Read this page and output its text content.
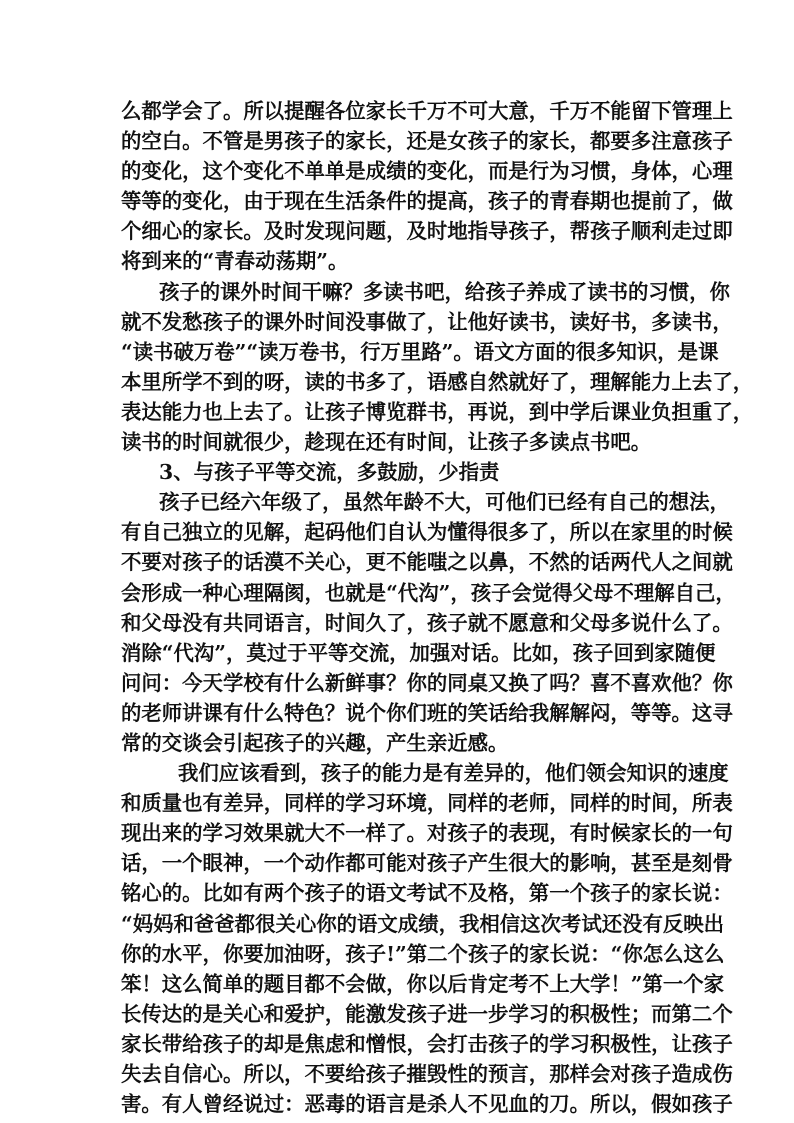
么都学会了。所以提醒各位家长千万不可大意，千万不能留下管理上
的空白。不管是男孩子的家长，还是女孩子的家长，都要多注意孩子
的变化，这个变化不单单是成绩的变化，而是行为习惯，身体，心理
等等的变化，由于现在生活条件的提高，孩子的青春期也提前了，做
个细心的家长。及时发现问题，及时地指导孩子，帮孩子顺利走过即
将到来的“青春动荡期”。
孩子的课外时间干嘛？多读书吧，给孩子养成了读书的习惯，你
就不发愁孩子的课外时间没事做了，让他好读书，读好书，多读书，
“读书破万卷”“读万卷书，行万里路”。语文方面的很多知识，是课
本里所学不到的呀，读的书多了，语感自然就好了，理解能力上去了，
表达能力也上去了。让孩子博览群书，再说，到中学后课业负担重了，
读书的时间就很少，趁现在还有时间，让孩子多读点书吧。
3、与孩子平等交流，多鼓励，少指责
孩子已经六年级了，虽然年龄不大，可他们已经有自己的想法，
有自己独立的见解，起码他们自认为懂得很多了，所以在家里的时候
不要对孩子的话漠不关心，更不能嗤之以鼻，不然的话两代人之间就
会形成一种心理隔阂，也就是“代沟”，孩子会觉得父母不理解自己，
和父母没有共同语言，时间久了，孩子就不愿意和父母多说什么了。
消除“代沟”，莫过于平等交流，加强对话。比如，孩子回到家随便
问问：今天学校有什么新鲜事？你的同桌又换了吗？喜不喜欢他？你
的老师讲课有什么特色？说个你们班的笑话给我解解闷，等等。这寻
常的交谈会引起孩子的兴趣，产生亲近感。
我们应该看到，孩子的能力是有差异的，他们领会知识的速度
和质量也有差异，同样的学习环境，同样的老师，同样的时间，所表
现出来的学习效果就大不一样了。对孩子的表现，有时候家长的一句
话，一个眼神，一个动作都可能对孩子产生很大的影响，甚至是刻骨
铭心的。比如有两个孩子的语文考试不及格，第一个孩子的家长说：
“妈妈和爸爸都很关心你的语文成绩，我相信这次考试还没有反映出
你的水平，你要加油呀，孩子!”第二个孩子的家长说：“你怎么这么
笨！这么简单的题目都不会做，你以后肯定考不上大学！”第一个家
长传达的是关心和爱护，能激发孩子进一步学习的积极性；而第二个
家长带给孩子的却是焦虑和憎恨，会打击孩子的学习积极性，让孩子
失去自信心。所以，不要给孩子摧毁性的预言，那样会对孩子造成伤
害。有人曾经说过：恶毒的语言是杀人不见血的刀。所以，假如孩子
